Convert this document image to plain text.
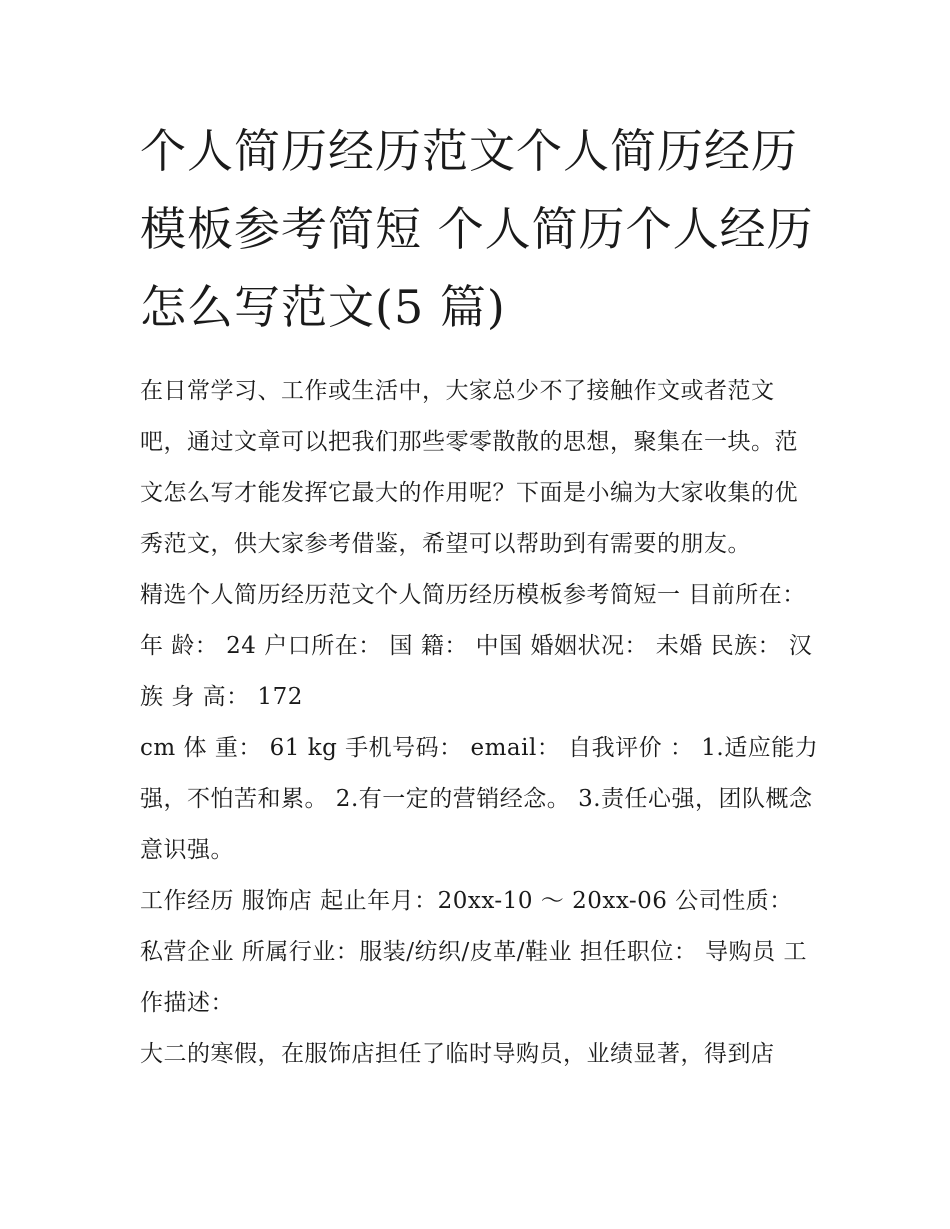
个人简历经历范文个人简历经历模板参考简短 个人简历个人经历怎么写范文(5 篇)

在日常学习、工作或生活中，大家总少不了接触作文或者范文吧，通过文章可以把我们那些零零散散的思想，聚集在一块。范文怎么写才能发挥它最大的作用呢？下面是小编为大家收集的优秀范文，供大家参考借鉴，希望可以帮助到有需要的朋友。

精选个人简历经历范文个人简历经历模板参考简短一 目前所在： 年 龄： 24 户口所在： 国 籍： 中国 婚姻状况： 未婚 民族： 汉族 身 高： 172

cm 体 重： 61 kg 手机号码： email： 自我评价 ： 1.适应能力强，不怕苦和累。 2.有一定的营销经念。 3.责任心强，团队概念意识强。

工作经历 服饰店 起止年月：20xx-10 ～ 20xx-06 公司性质： 私营企业 所属行业：服装/纺织/皮革/鞋业 担任职位： 导购员 工作描述：

大二的寒假，在服饰店担任了临时导购员，业绩显著，得到店
